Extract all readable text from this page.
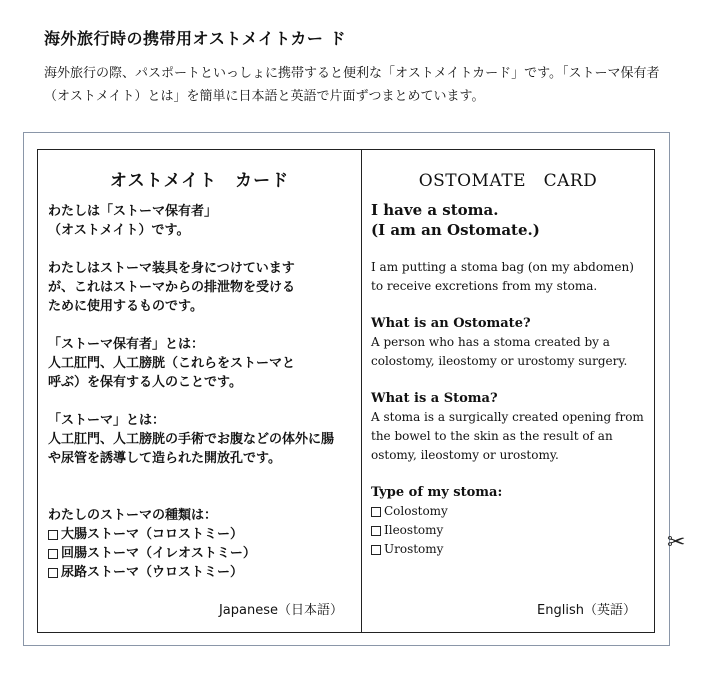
海外旅行時の携帯用オストメイトカー ド
海外旅行の際、パスポートといっしょに携帯すると便利な「オストメイトカード」です。「ストーマ保有者（オストメイト）とは」を簡単に日本語と英語で片面ずつまとめています。
オストメイト　カード

わたしは「ストーマ保有者」
（オストメイト）です。

わたしはストーマ装具を身につけています
が、これはストーマからの排泄物を受ける
ために使用するものです。

「ストーマ保有者」とは：
人工肛門、人工膀胱（これらをストーマと
呼ぶ）を保有する人のことです。

「ストーマ」とは：
人工肛門、人工膀胱の手術でお腹などの体外に腸
や尿管を誘導して造られた開放孔です。

わたしのストーマの種類は：
大腸ストーマ（コロストミー）
回腸ストーマ（イレオストミー）
尿路ストーマ（ウロストミー）
Japanese（日本語）
OSTOMATE　CARD
I have a stoma.
(I am an Ostomate.)

I am putting a stoma bag (on my abdomen) to receive excretions from my stoma.

What is an Ostomate?
A person who has a stoma created by a colostomy, ileostomy or urostomy surgery.

What is a Stoma?
A stoma is a surgically created opening from the bowel to the skin as the result of an ostomy, ileostomy or urostomy.

Type of my stoma:
Colostomy
Ileostomy
Urostomy
English（英語）
✂
